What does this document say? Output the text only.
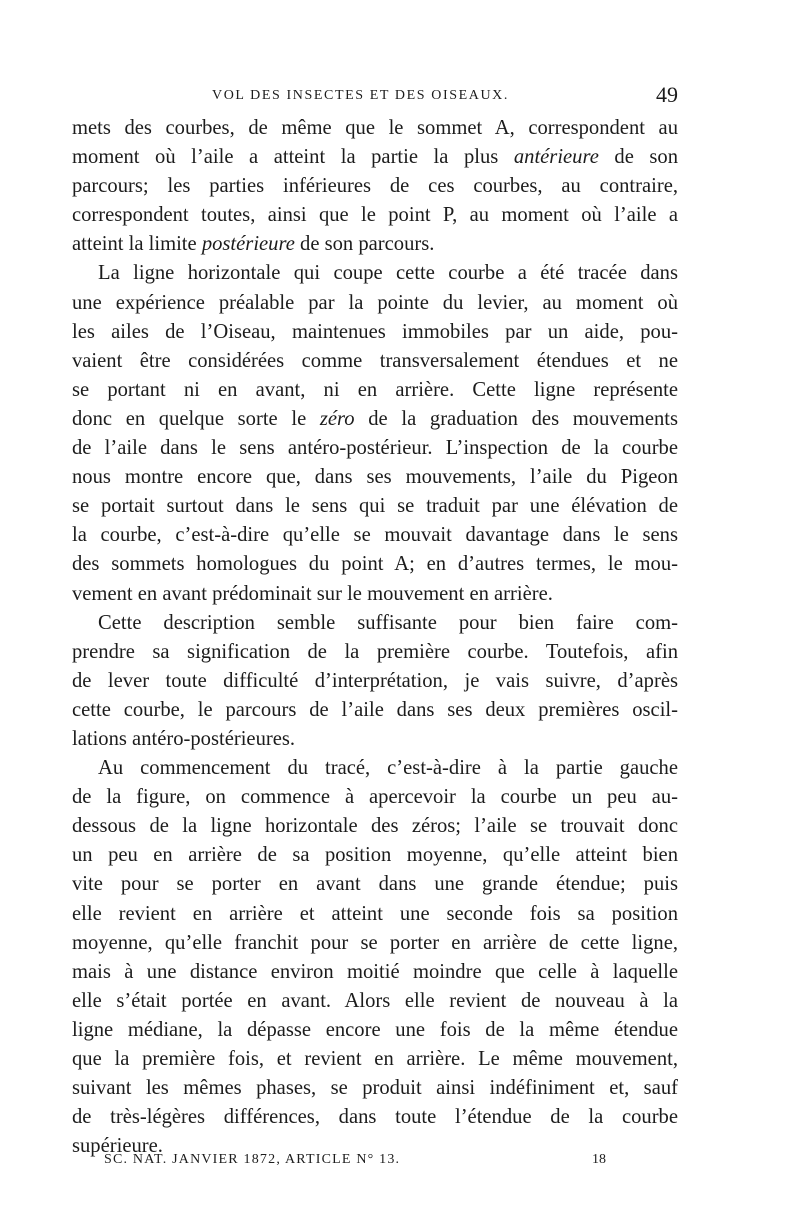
VOL DES INSECTES ET DES OISEAUX.	49
mets des courbes, de même que le sommet A, correspondent au
moment où l’aile a atteint la partie la plus antérieure de son
parcours; les parties inférieures de ces courbes, au contraire,
correspondent toutes, ainsi que le point P, au moment où l’aile a
atteint la limite postérieure de son parcours.
La ligne horizontale qui coupe cette courbe a été tracée dans
une expérience préalable par la pointe du levier, au moment où
les ailes de l’Oiseau, maintenues immobiles par un aide, pou-
vaient être considérées comme transversalement étendues et ne
se portant ni en avant, ni en arrière. Cette ligne représente
donc en quelque sorte le zéro de la graduation des mouvements
de l’aile dans le sens antéro-postérieur. L’inspection de la courbe
nous montre encore que, dans ses mouvements, l’aile du Pigeon
se portait surtout dans le sens qui se traduit par une élévation de
la courbe, c’est-à-dire qu’elle se mouvait davantage dans le sens
des sommets homologues du point A; en d’autres termes, le mou-
vement en avant prédominait sur le mouvement en arrière.
Cette description semble suffisante pour bien faire com-
prendre sa signification de la première courbe. Toutefois, afin
de lever toute difficulté d’interprétation, je vais suivre, d’après
cette courbe, le parcours de l’aile dans ses deux premières oscil-
lations antéro-postérieures.
Au commencement du tracé, c’est-à-dire à la partie gauche
de la figure, on commence à apercevoir la courbe un peu au-
dessous de la ligne horizontale des zéros; l’aile se trouvait donc
un peu en arrière de sa position moyenne, qu’elle atteint bien
vite pour se porter en avant dans une grande étendue; puis
elle revient en arrière et atteint une seconde fois sa position
moyenne, qu’elle franchit pour se porter en arrière de cette ligne,
mais à une distance environ moitié moindre que celle à laquelle
elle s’était portée en avant. Alors elle revient de nouveau à la
ligne médiane, la dépasse encore une fois de la même étendue
que la première fois, et revient en arrière. Le même mouvement,
suivant les mêmes phases, se produit ainsi indéfiniment et, sauf
de très-légères différences, dans toute l’étendue de la courbe
supérieure.
SC. NAT. JANVIER 1872, ARTICLE N° 13.	18
